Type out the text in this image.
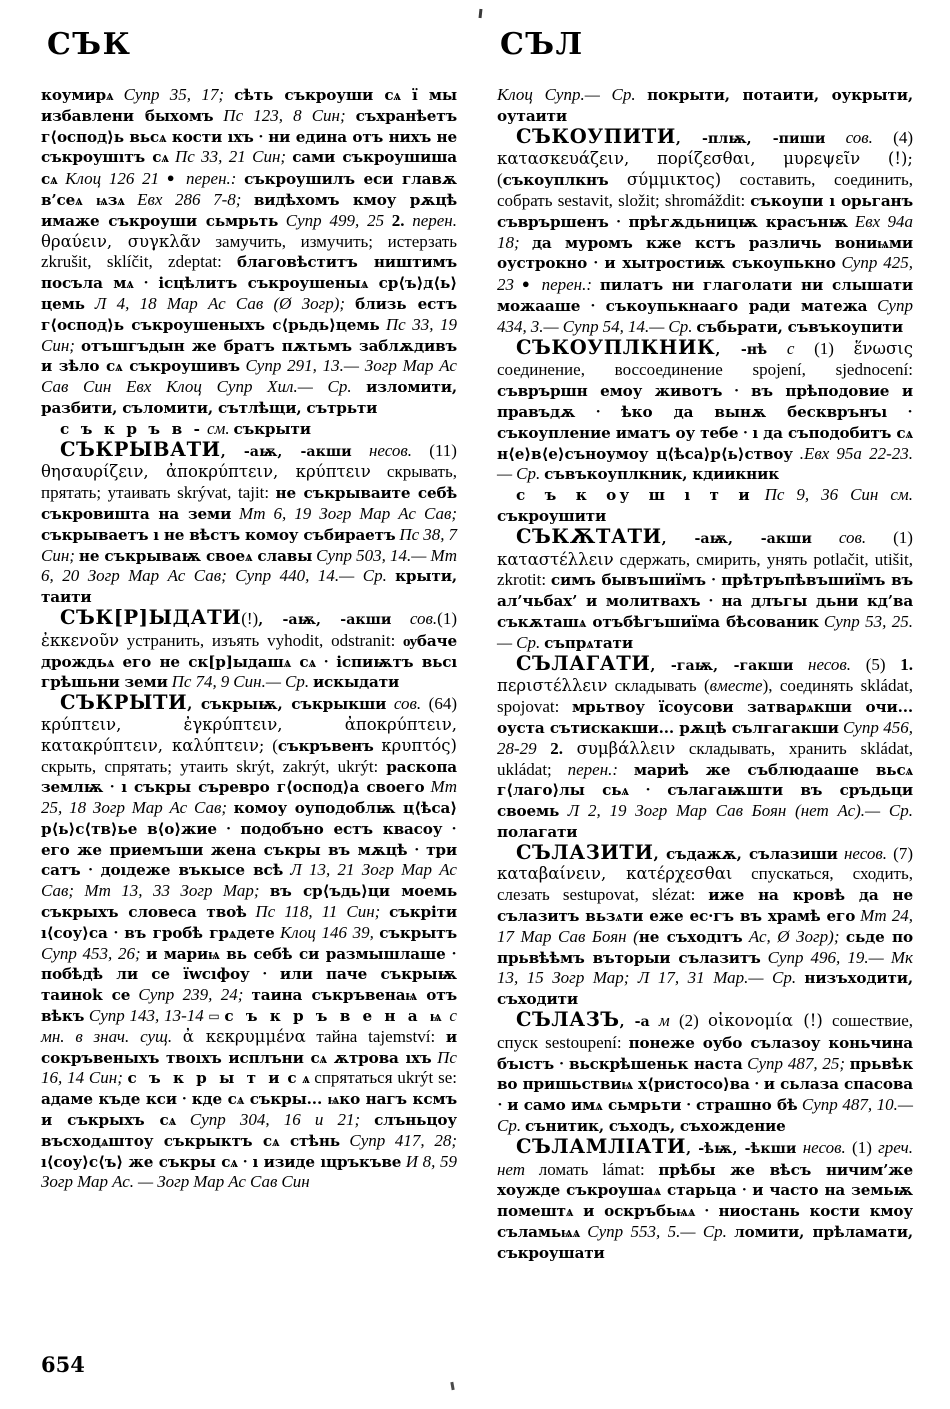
СЪК	СЪЛ

коумирѧ Супр 35, 17; сѣть съкроуши сѧ ї мы избавлени быхомъ Пс 123, 8 Син; съхранѣетъ г⟨оспод⟩ь вьсѧ кости ıхъ • ни едина отъ нихъ не съкроушıтъ сѧ Пс 33, 21 Син; сами съкроушиша сѧ Клоц 126 21 ● перен.: съкроушилъ еси главѫ в’сеѧ ѩзѧ Евх 286 7-8; видѣхомъ кмоу рѫцѣ имаже съкроуши сьмрьть Супр 499, 25 2. перен. θραύειν, συγκλᾶν замучить, измучить; истерзать zkrušit, sklíčit, zdeptat: благовѣститъ ништимъ посъла мѧ • ісцѣлитъ съкроушеныѧ ср⟨ъ⟩д⟨ь⟩цемь Л 4, 18 Мар Ас Сав (Ø Зогр); близь естъ г⟨оспод⟩ь съкроушеныхъ с⟨рьдь⟩цемь Пс 33, 19 Син; отъшгъдын же братъ пѫтьмъ заблѫдивъ и зѣло сѧ съкроушивъ Супр 291, 13.— Зогр Мар Ас Сав Син Евх Клоц Супр Хил.— Ср. изломити, разбити, съломити, сътлѣщи, сътрьти

с ъ к р ъ в - см. съкрыти

СЪКРЫВАТИ, -аѭ, -акши несов. (11) θησαυρίζειν, ἀποκρύπτειν, κρύπτειν скрывать, прятать; утаивать skrývat, tajit: не съкрываите себѣ съкровишта на земи Мт 6, 19 Зогр Мар Ас Сав; съкрываетъ ı не вѣстъ комоу събираетъ Пс 38, 7 Син; не съкрываѭ своеѧ славы Супр 503, 14.— Мт 6, 20 Зогр Мар Ас Сав; Супр 440, 14.— Ср. крыти, таити

СЪК[Р]ЫДАТИ(!), -аѭ, -акши сов.(1) ἐκκενοῦν устранить, изъять vyhodit, odstranit: ѹбаче дрождьѧ его не ск[р]ыдашѧ сѧ • іспиѭтъ вьсı грѣшьни земи Пс 74, 9 Син.— Ср. искыдати

СЪКРЫТИ, съкрыѭ, съкрыкши сов. (64) κρύπτειν, ἐγκρύπτειν, ἀποκρύπτειν, κατακρύπτειν, καλύπτειν; (съкръвенъ κρυπτός) скрыть, спрятать; утаить skrýt, zakrýt, ukrýt: раскопа землѭ • ı съкры съревро г⟨оспод⟩а своего Мт 25, 18 Зогр Мар Ас Сав; комоу оуподоблѭ ц⟨ѣса⟩р⟨ь⟩с⟨тв⟩ье в⟨о⟩жие • подобъно естъ квасоу • его же приемъши жена съкры въ мѫцѣ • три сатъ • доıдеже въкысе всѣ Л 13, 21 Зогр Мар Ас Сав; Мт 13, 33 Зогр Мар; въ ср⟨ъдь⟩ци моемь съкрыхъ словеса твоѣ Пс 118, 11 Син; съкріти ı⟨соу⟩са • въ гробѣ грѧдете Клоц 146 39, съкрытъ Супр 453, 26; и мариѩ вь себѣ си размышлаше • побѣдѣ ли се ïwсıфоу • или паче съкрыѭ таиноk се Супр 239, 24; таина съкръвенаѩ отъ вѣкъ Супр 143, 13-14 ▭ с ъ к р ъ в е н а ѩ с мн. в знач. сущ. ἀ κεκρυμμένα тайна tajemství: и сокръвеныхъ твоıхъ исплъни сѧ ѫтрова ıхъ Пс 16, 14 Син; с ъ к р ы т и с ѧ спрятаться ukrýt se: адаме къде кси • кде сѧ съкры... ѩко нагъ ксмъ и съкрыхъ сѧ Супр 304, 16 и 21; слъньцоу въсходѧштоу съкрыктъ сѧ стѣнь Супр 417, 28; ı⟨соу⟩с⟨ъ⟩ же съкры сѧ • ı изиде ıцръкъве И 8, 59 Зогр Мар Ас. — Зогр Мар Ас Сав Син

Клоц Супр.— Ср. покрыти, потаити, оукрыти, оутаити

СЪКОУПИТИ, -плѭ, -пиши сов. (4) κατασκευάζειν, πορίζεσθαι, μυρεψεῖν (!); (съкоуплкнъ σύμμικτος) составить, соединить, собрать sestavit, složit; shromáždit: съкоупи ı орьганъ съврършенъ • прѣгѫдьницѭ красънѭ Евх 94а 18; да муромъ кже кстъ различь вониѩми оустрокно • и хытростиѭ съкоупькно Супр 425, 23 ● перен.: пилатъ ни глаголати ни слышати можааше • съкоупькнааго ради матежа Супр 434, 3.— Супр 54, 14.— Ср. събьрати, съвъкоупити

СЪКОУПЛКНИК, -нѣ с (1) ἕνωσις соединение, воссоединение spojení, sjednocení: съврършн емоу животъ • въ прѣподовие и правъдѫ • ѣко да вынѫ бескврънъı • съкоупление иматъ оу тебе • ı да съподобитъ сѧ н⟨е⟩в⟨е⟩съноумоу ц⟨ѣса⟩р⟨ь⟩ствоу .Евх 95а 22-23.— Ср. съвъкоуплкник, кдиикник

с ъ к оу ш ı т и Пс 9, 36 Син см. съкроушити

СЪКѪТАТИ, -аѭ, -акши сов. (1) καταστέλλειν сдержать, смирить, унять potlačit, utišit, zkrotit: симъ бывъшиїмъ • прѣтръпѣвъшиїмъ въ ал’чьбах’ и молитвахъ • на длъгы дьни кд’ва съкѫташѧ отъбѣгъшиїма бѣсованик Супр 53, 25.— Ср. съпрѧтати

СЪЛАГАТИ, -гаѭ, -гакши несов. (5) 1. περιστέλλειν складывать (вместе), соединять skládat, spojovat: мрьтвоу їсоусови затварѧкши очи... оуста сътискакши... рѫцѣ сългагакши Супр 456, 28-29 2. συμβάλλειν складывать, хранить skládat, ukládat; перен.: мариѣ же съблюдааше вьсѧ г⟨лаго⟩лы сьѧ • сълагаѭшти въ сръдьци своемь Л 2, 19 Зогр Мар Сав Боян (нет Ас).— Ср. полагати

СЪЛАЗИТИ, съдажѫ, сълазиши несов. (7) καταβαίνειν, κατέρχεσθαι спускаться, сходить, слезать sestupovat, slézat: иже на кровѣ да не сълазитъ вьзѧти еже ес·гъ въ храмѣ его Мт 24, 17 Мар Сав Боян (не съходıтъ Ас, Ø Зогр); сьде по прьвѣѣмъ въторыи сълазитъ Супр 496, 19.— Мк 13, 15 Зогр Мар; Л 17, 31 Мар.— Ср. низъходити, съходити

СЪЛАЗЪ, -а м (2) οἰκονομία (!) сошествие, спуск sestoupení: понеже оубо сълазоу коньчина бъıстъ • вьскрѣшеньк наста Супр 487, 25; прьвѣк во пришьствиѩ х⟨ристосо⟩ва • и сьлаза спасова • и само имѧ сьмрьти • страшно бѣ Супр 487, 10.— Ср. сънитик, съходъ, съхождение

СЪЛАМЛІАТИ, -ѣѭ, -ѣкши несов. (1) греч. нет ломать lámat: прѣбы же вѣсъ ничим’же хоужде съкроушаѧ старьца • и часто на земьѭ помештѧ и оскръбьѩѧ • ниостань кости кмоу съламьѩѧ Супр 553, 5.— Ср. ломити, прѣламати, съкроушати

654
